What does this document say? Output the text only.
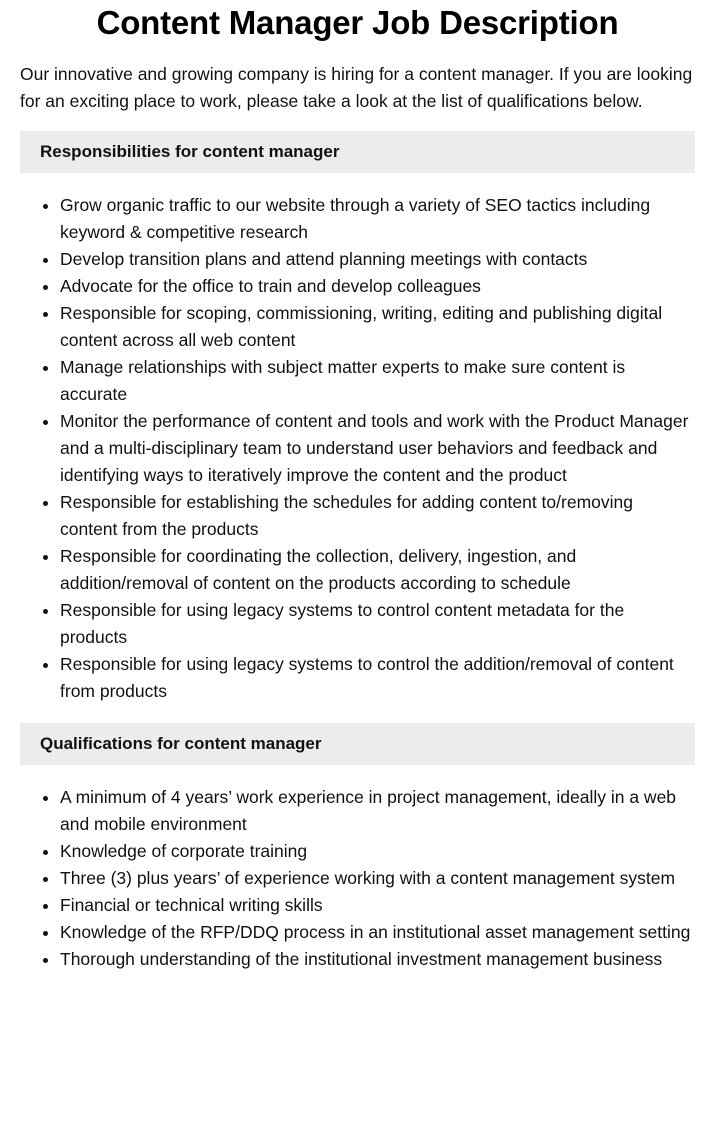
Content Manager Job Description

Our innovative and growing company is hiring for a content manager. If you are looking for an exciting place to work, please take a look at the list of qualifications below.

Responsibilities for content manager
• Grow organic traffic to our website through a variety of SEO tactics including keyword & competitive research
• Develop transition plans and attend planning meetings with contacts
• Advocate for the office to train and develop colleagues
• Responsible for scoping, commissioning, writing, editing and publishing digital content across all web content
• Manage relationships with subject matter experts to make sure content is accurate
• Monitor the performance of content and tools and work with the Product Manager and a multi-disciplinary team to understand user behaviors and feedback and identifying ways to iteratively improve the content and the product
• Responsible for establishing the schedules for adding content to/removing content from the products
• Responsible for coordinating the collection, delivery, ingestion, and addition/removal of content on the products according to schedule
• Responsible for using legacy systems to control content metadata for the products
• Responsible for using legacy systems to control the addition/removal of content from products
Qualifications for content manager
• A minimum of 4 years’ work experience in project management, ideally in a web and mobile environment
• Knowledge of corporate training
• Three (3) plus years’ of experience working with a content management system
• Financial or technical writing skills
• Knowledge of the RFP/DDQ process in an institutional asset management setting
• Thorough understanding of the institutional investment management business
